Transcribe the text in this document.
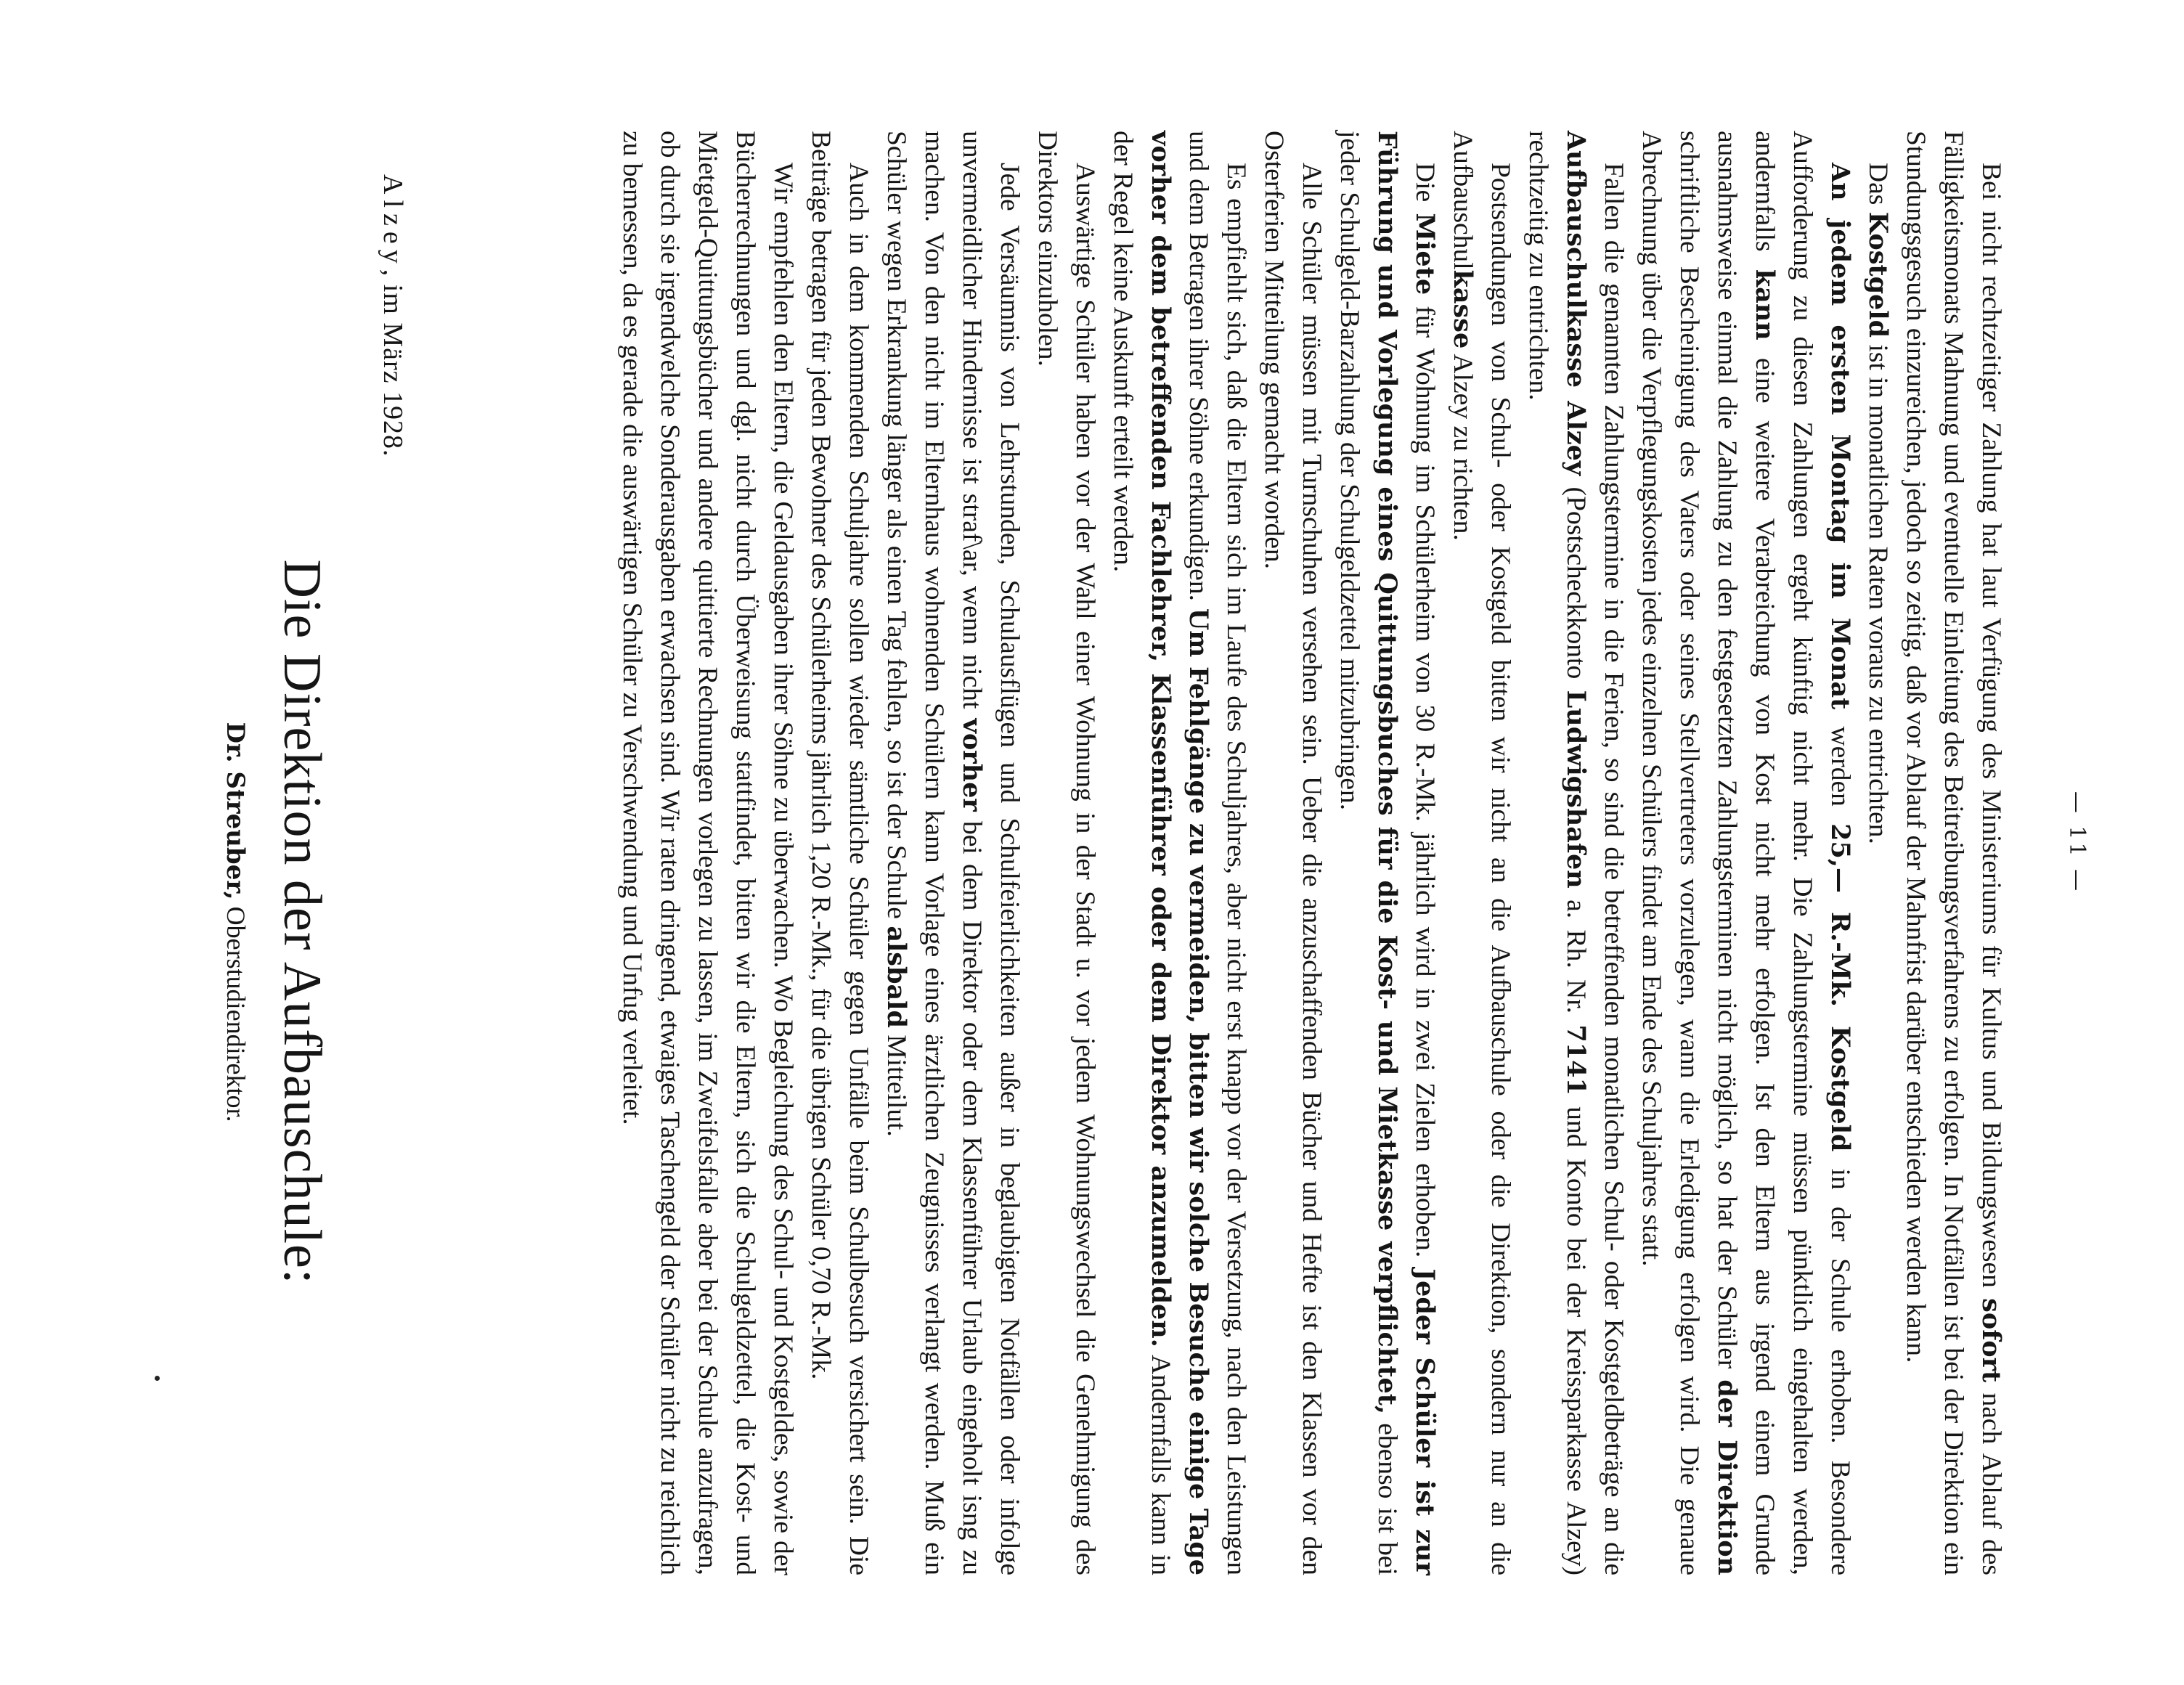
— 11 —

Bei nicht rechtzeitiger Zahlung hat laut Verfügung des Ministeriums für Kultus und Bildungswesen sofort nach Ablauf des Fälligkeitsmonats Mahnung und eventuelle Einleitung des Beitreibungsverfahrens zu erfolgen. In Notfällen ist bei der Direktion ein Stundungsgesuch einzureichen, jedoch so zeitig, daß vor Ablauf der Mahnfrist darüber entschieden werden kann.

Das Kostgeld ist in monatlichen Raten voraus zu entrichten.

An jedem ersten Montag im Monat werden 25,— R.-Mk. Kostgeld in der Schule erhoben. Besondere Aufforderung zu diesen Zahlungen ergeht künftig nicht mehr. Die Zahlungstermine müssen pünktlich eingehalten werden, andernfalls kann eine weitere Verabreichung von Kost nicht mehr erfolgen. Ist den Eltern aus irgend einem Grunde ausnahmsweise einmal die Zahlung zu den festgesetzten Zahlungsterminen nicht möglich, so hat der Schüler der Direktion schriftliche Bescheinigung des Vaters oder seines Stellvertreters vorzulegen, wann die Erledigung erfolgen wird. Die genaue Abrechnung über die Verpflegungskosten jedes einzelnen Schülers findet am Ende des Schuljahres statt.

Fallen die genannten Zahlungstermine in die Ferien, so sind die betreffenden monatlichen Schul- oder Kostgeldbeträge an die Aufbauschulkasse Alzey (Postscheckkonto Ludwigshafen a. Rh. Nr. 7141 und Konto bei der Kreissparkasse Alzey) rechtzeitig zu entrichten.

Postsendungen von Schul- oder Kostgeld bitten wir nicht an die Aufbauschule oder die Direktion, sondern nur an die Aufbauschulkasse Alzey zu richten.

Die Miete für Wohnung im Schülerheim von 30 R.-Mk. jährlich wird in zwei Zielen erhoben. Jeder Schüler ist zur Führung und Vorlegung eines Quittungsbuches für die Kost- und Mietkasse verpflichtet, ebenso ist bei jeder Schulgeld-Barzahlung der Schulgeldzettel mitzubringen.

Alle Schüler müssen mit Turnschuhen versehen sein. Ueber die anzuschaffenden Bücher und Hefte ist den Klassen vor den Osterferien Mitteilung gemacht worden.

Es empfiehlt sich, daß die Eltern sich im Laufe des Schuljahres, aber nicht erst knapp vor der Versetzung, nach den Leistungen und dem Betragen ihrer Söhne erkundigen. Um Fehlgänge zu vermeiden, bitten wir solche Besuche einige Tage vorher dem betreffenden Fachlehrer, Klassenführer oder dem Direktor anzumelden. Andernfalls kann in der Regel keine Auskunft erteilt werden.

Auswärtige Schüler haben vor der Wahl einer Wohnung in der Stadt u. vor jedem Wohnungswechsel die Genehmigung des Direktors einzuholen.

Jede Versäumnis von Lehrstunden, Schulausflügen und Schulfeierlichkeiten außer in beglaubigten Notfällen oder infolge unvermeidlicher Hindernisse ist straf\ar, wenn nicht vorher bei dem Direktor oder dem Klassenführer Urlaub eingeholt isng zu machen. Von den nicht im Elternhaus wohnenden Schülern kann Vorlage eines ärztlichen Zeugnisses verlangt werden. Muß ein Schüler wegen Erkrankung länger als einen Tag fehlen, so ist der Schule alsbald Mitteilut.

Auch in dem kommenden Schuljahre sollen wieder sämtliche Schüler gegen Unfälle beim Schulbesuch versichert sein. Die Beiträge betragen für jeden Bewohner des Schülerheims jährlich 1,20 R.-Mk., für die übrigen Schüler 0,70 R.-Mk.

Wir empfehlen den Eltern, die Geldausgaben ihrer Söhne zu überwachen. Wo Begleichung des Schul- und Kostgeldes, sowie der Bücherrechnungen und dgl. nicht durch Überweisung stattfindet, bitten wir die Eltern, sich die Schulgeldzettel, die Kost- und Mietgeld-Quittungsbücher und andere quittierte Rechnungen vorlegen zu lassen, im Zweifelsfalle aber bei der Schule anzufragen, ob durch sie irgendwelche Sonderausgaben erwachsen sind. Wir raten dringend, etwaiges Taschengeld der Schüler nicht zu reichlich zu bemessen, da es gerade die auswärtigen Schüler zu Verschwendung und Unfug verleitet.

Alzey, im März 1928.

Die Direktion der Aufbauschule:

Dr. Streuber, Oberstudiendirektor.
